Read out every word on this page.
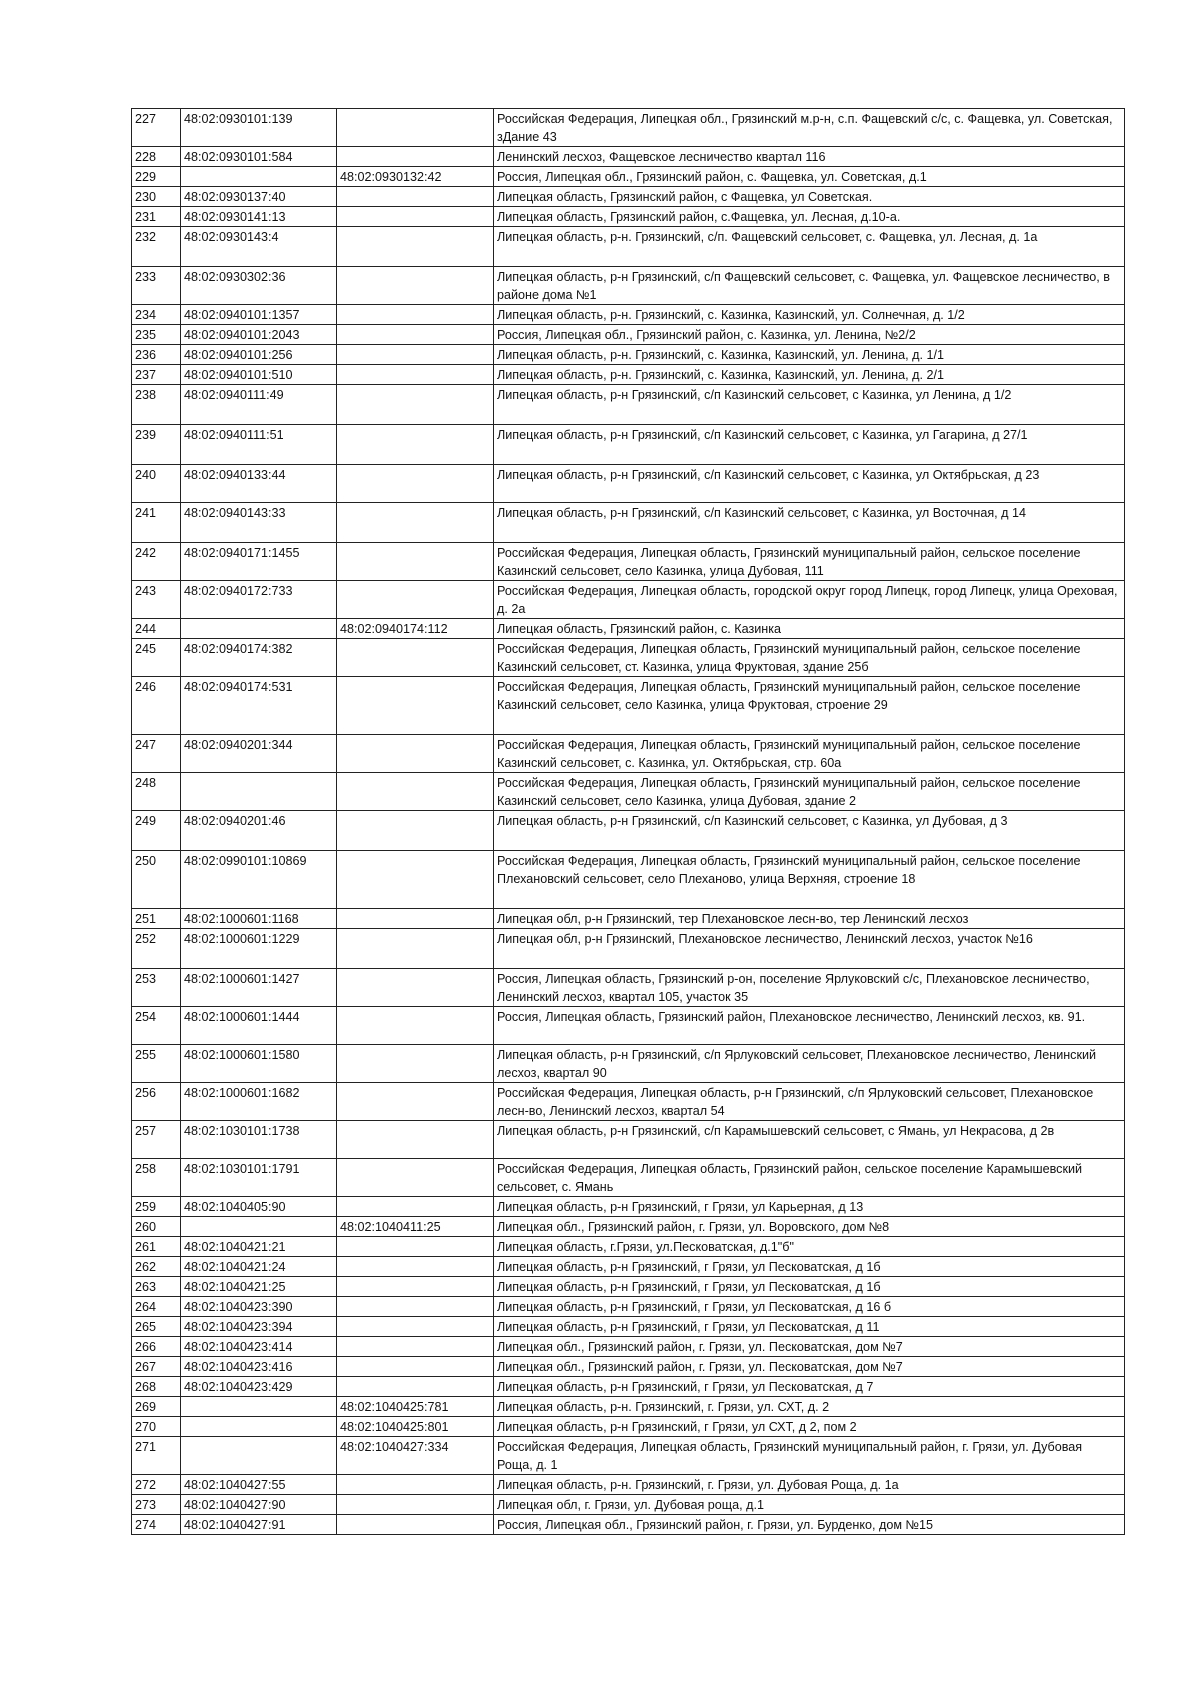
227	48:02:0930101:139		Российская Федерация, Липецкая обл., Грязинский м.р-н, с.п. Фащевский с/с, с. Фащевка, ул. Советская, зДание 43
228	48:02:0930101:584		Ленинский лесхоз, Фащевское лесничество квартал 116
229		48:02:0930132:42	Россия, Липецкая обл., Грязинский район, с. Фащевка, ул. Советская, д.1
230	48:02:0930137:40		Липецкая область, Грязинский район, с Фащевка, ул Советская.
231	48:02:0930141:13		Липецкая область, Грязинский район, с.Фащевка, ул. Лесная, д.10-а.
232	48:02:0930143:4		Липецкая область, р-н. Грязинский, с/п. Фащевский сельсовет, с. Фащевка, ул. Лесная, д. 1а
233	48:02:0930302:36		Липецкая область, р-н Грязинский, с/п Фащевский сельсовет, с. Фащевка, ул. Фащевское лесничество, в районе дома №1
234	48:02:0940101:1357		Липецкая область, р-н. Грязинский, с. Казинка, Казинский, ул. Солнечная, д. 1/2
235	48:02:0940101:2043		Россия, Липецкая обл., Грязинский район, с. Казинка, ул. Ленина, №2/2
236	48:02:0940101:256		Липецкая область, р-н. Грязинский, с. Казинка, Казинский, ул. Ленина, д. 1/1
237	48:02:0940101:510		Липецкая область, р-н. Грязинский, с. Казинка, Казинский, ул. Ленина, д. 2/1
238	48:02:0940111:49		Липецкая область, р-н Грязинский, с/п Казинский сельсовет, с Казинка, ул Ленина, д 1/2
239	48:02:0940111:51		Липецкая область, р-н Грязинский, с/п Казинский сельсовет, с Казинка, ул Гагарина, д 27/1
240	48:02:0940133:44		Липецкая область, р-н Грязинский, с/п Казинский сельсовет, с Казинка, ул Октябрьская, д 23
241	48:02:0940143:33		Липецкая область, р-н Грязинский, с/п Казинский сельсовет, с Казинка, ул Восточная, д 14
242	48:02:0940171:1455		Российская Федерация, Липецкая область, Грязинский муниципальный район, сельское поселение Казинский сельсовет, село Казинка, улица Дубовая, 111
243	48:02:0940172:733		Российская Федерация, Липецкая область, городской округ город Липецк, город Липецк, улица Ореховая, д. 2а
244		48:02:0940174:112	Липецкая область, Грязинский район, с. Казинка
245	48:02:0940174:382		Российская Федерация, Липецкая область, Грязинский муниципальный район, сельское поселение Казинский сельсовет, ст. Казинка, улица Фруктовая, здание 25б
246	48:02:0940174:531		Российская Федерация, Липецкая область, Грязинский муниципальный район, сельское поселение Казинский сельсовет, село Казинка, улица Фруктовая, строение 29
247	48:02:0940201:344		Российская Федерация, Липецкая область, Грязинский муниципальный район, сельское поселение Казинский сельсовет, с. Казинка, ул. Октябрьская, стр. 60а
248			Российская Федерация, Липецкая область, Грязинский муниципальный район, сельское поселение Казинский сельсовет, село Казинка, улица Дубовая, здание 2
249	48:02:0940201:46		Липецкая область, р-н Грязинский, с/п Казинский сельсовет, с Казинка, ул Дубовая, д 3
250	48:02:0990101:10869		Российская Федерация, Липецкая область, Грязинский муниципальный район, сельское поселение Плехановский сельсовет, село Плеханово, улица Верхняя, строение 18
251	48:02:1000601:1168		Липецкая обл, р-н Грязинский, тер Плехановское лесн-во, тер Ленинский лесхоз
252	48:02:1000601:1229		Липецкая обл, р-н Грязинский, Плехановское лесничество, Ленинский лесхоз, участок №16
253	48:02:1000601:1427		Россия, Липецкая область, Грязинский р-он, поселение Ярлуковский с/с, Плехановское лесничество, Ленинский лесхоз, квартал 105, участок 35
254	48:02:1000601:1444		Россия, Липецкая область, Грязинский район, Плехановское лесничество, Ленинский лесхоз, кв. 91.
255	48:02:1000601:1580		Липецкая область, р-н Грязинский, с/п Ярлуковский сельсовет, Плехановское лесничество, Ленинский лесхоз, квартал 90
256	48:02:1000601:1682		Российская Федерация, Липецкая область, р-н Грязинский, с/п Ярлуковский сельсовет, Плехановское лесн-во, Ленинский лесхоз, квартал 54
257	48:02:1030101:1738		Липецкая область, р-н Грязинский, с/п Карамышевский сельсовет, с Ямань, ул Некрасова, д 2в
258	48:02:1030101:1791		Российская Федерация, Липецкая область, Грязинский район, сельское поселение Карамышевский сельсовет, с. Ямань
259	48:02:1040405:90		Липецкая область, р-н Грязинский, г Грязи, ул Карьерная, д 13
260		48:02:1040411:25	Липецкая обл., Грязинский район, г. Грязи, ул. Воровского, дом №8
261	48:02:1040421:21		Липецкая область, г.Грязи, ул.Песковатская, д.1"б"
262	48:02:1040421:24		Липецкая область, р-н Грязинский, г Грязи, ул Песковатская, д 1б
263	48:02:1040421:25		Липецкая область, р-н Грязинский, г Грязи, ул Песковатская, д 1б
264	48:02:1040423:390		Липецкая область, р-н Грязинский, г Грязи, ул Песковатская, д 16 б
265	48:02:1040423:394		Липецкая область, р-н Грязинский, г Грязи, ул Песковатская, д 11
266	48:02:1040423:414		Липецкая обл., Грязинский район, г. Грязи, ул. Песковатская, дом №7
267	48:02:1040423:416		Липецкая обл., Грязинский район, г. Грязи, ул. Песковатская, дом №7
268	48:02:1040423:429		Липецкая область, р-н Грязинский, г Грязи, ул Песковатская, д 7
269		48:02:1040425:781	Липецкая область, р-н. Грязинский, г. Грязи, ул. СХТ, д. 2
270		48:02:1040425:801	Липецкая область, р-н Грязинский, г Грязи, ул СХТ, д 2, пом 2
271		48:02:1040427:334	Российская Федерация, Липецкая область, Грязинский муниципальный район, г. Грязи, ул. Дубовая Роща, д. 1
272	48:02:1040427:55		Липецкая область, р-н. Грязинский, г. Грязи, ул. Дубовая Роща, д. 1а
273	48:02:1040427:90		Липецкая обл, г. Грязи, ул. Дубовая роща, д.1
274	48:02:1040427:91		Россия, Липецкая обл., Грязинский район, г. Грязи, ул. Бурденко, дом №15
